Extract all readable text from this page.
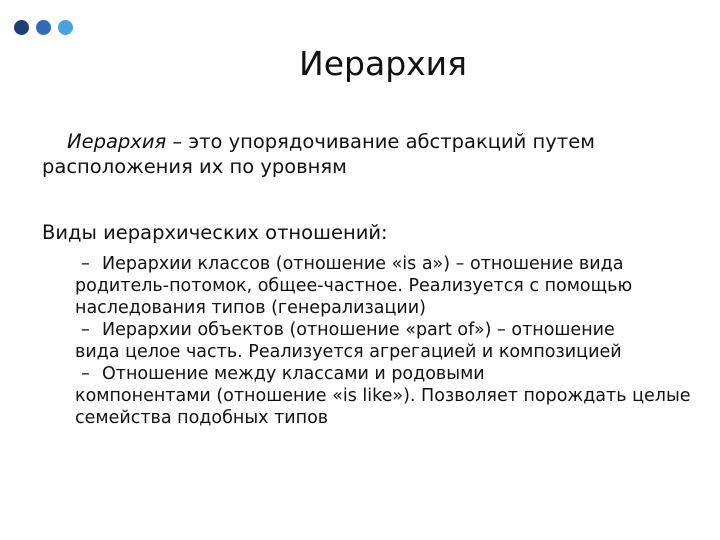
Иерархия

Иерархия – это упорядочивание абстракций путем
расположения их по уровням

Виды иерархических отношений:

– Иерархии классов (отношение «is a») – отношение вида
родитель-потомок, общее-частное. Реализуется с помощью наследования типов (генерализации)
– Иерархии объектов (отношение «part of») – отношение
вида целое часть. Реализуется агрегацией и композицией
– Отношение между классами и родовыми
компонентами (отношение «is like»). Позволяет порождать целые семейства подобных типов
